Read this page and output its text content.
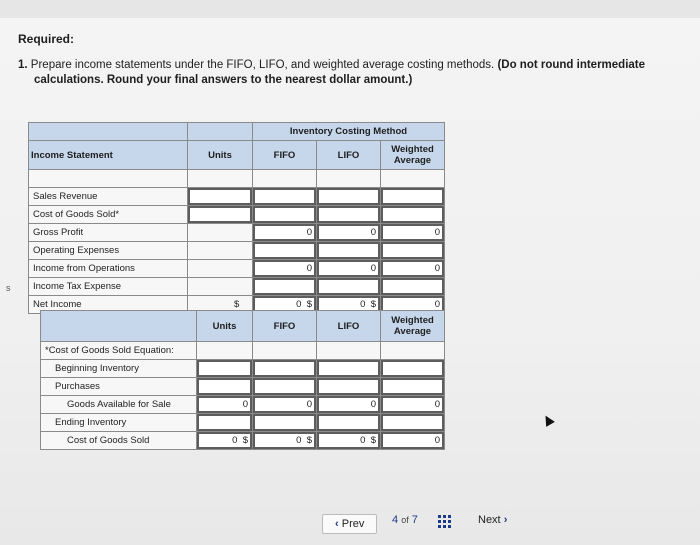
Required:
1. Prepare income statements under the FIFO, LIFO, and weighted average costing methods. (Do not round intermediate
calculations. Round your final answers to the nearest dollar amount.)
s
		Inventory Costing Method		
Income Statement	Units	FIFO	LIFO	Weighted Average

Sales Revenue				
Cost of Goods Sold*				
Gross Profit		0	0	0
Operating Expenses				
Income from Operations		0	0	0
Income Tax Expense				
Net Income	$	0 $	0 $	0
	Units	FIFO	LIFO	Weighted Average
*Cost of Goods Sold Equation:				
Beginning Inventory				
Purchases				
Goods Available for Sale	0	0	0	0
Ending Inventory				
Cost of Goods Sold	0 $	0 $	0 $	0
‹ Prev	4 of 7	Next ›
